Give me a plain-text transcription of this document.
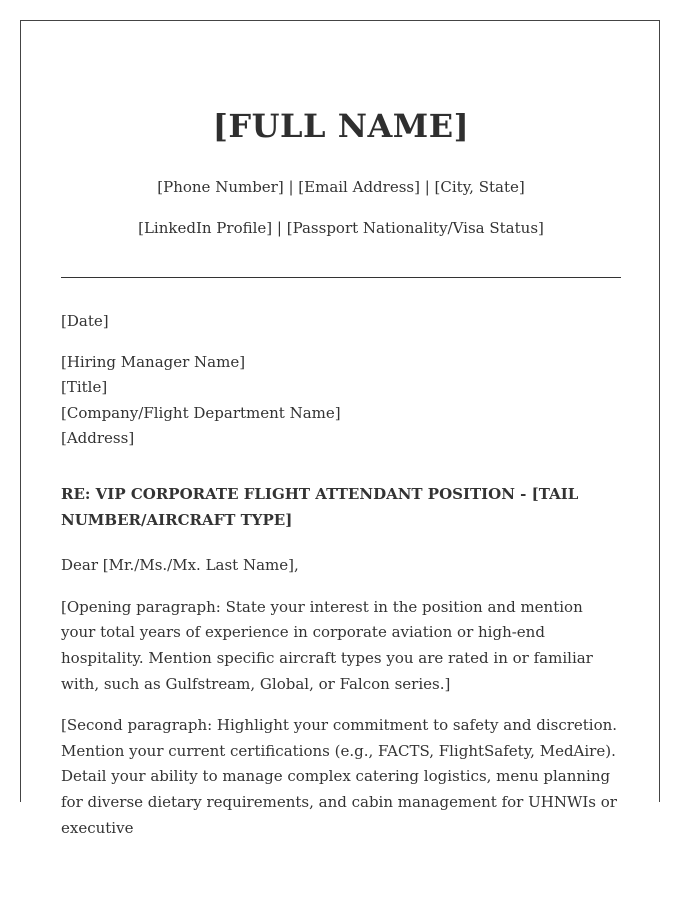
[FULL NAME]

[Phone Number] | [Email Address] | [City, State]

[LinkedIn Profile] | [Passport Nationality/Visa Status]

[Date]

[Hiring Manager Name]
[Title]
[Company/Flight Department Name]
[Address]

RE: VIP CORPORATE FLIGHT ATTENDANT POSITION - [TAIL NUMBER/AIRCRAFT TYPE]

Dear [Mr./Ms./Mx. Last Name],

[Opening paragraph: State your interest in the position and mention your total years of experience in corporate aviation or high-end hospitality. Mention specific aircraft types you are rated in or familiar with, such as Gulfstream, Global, or Falcon series.]

[Second paragraph: Highlight your commitment to safety and discretion. Mention your current certifications (e.g., FACTS, FlightSafety, MedAire). Detail your ability to manage complex catering logistics, menu planning for diverse dietary requirements, and cabin management for UHNWIs or executive
